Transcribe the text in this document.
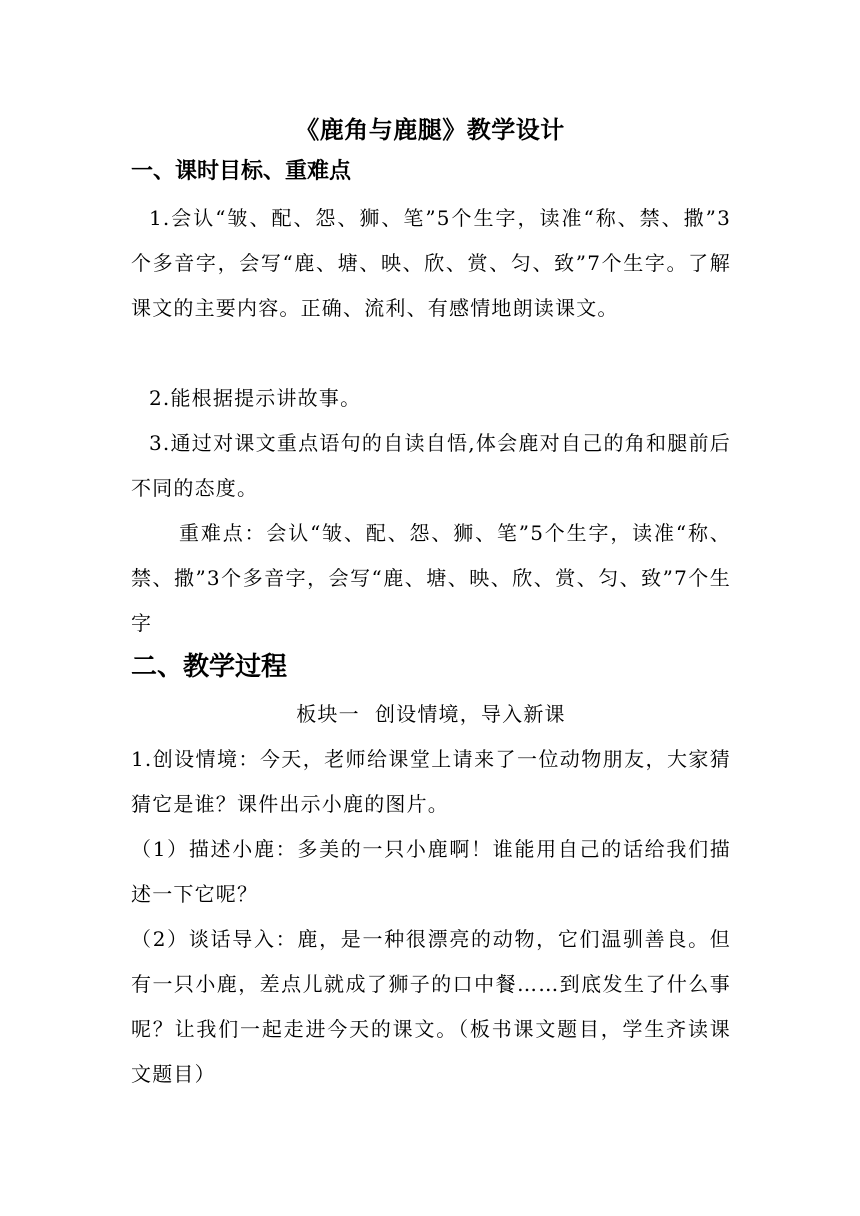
《鹿角与鹿腿》教学设计
一、课时目标、重难点
1.会认“皱、配、怨、狮、笔”5个生字，读准“称、禁、撒”3个多音字，会写“鹿、塘、映、欣、赏、匀、致”7个生字。了解课文的主要内容。正确、流利、有感情地朗读课文。
2.能根据提示讲故事。
3.通过对课文重点语句的自读自悟,体会鹿对自己的角和腿前后不同的态度。
重难点：会认“皱、配、怨、狮、笔”5个生字，读准“称、禁、撒”3个多音字，会写“鹿、塘、映、欣、赏、匀、致”7个生字
二、教学过程
板块一  创设情境，导入新课
1.创设情境：今天，老师给课堂上请来了一位动物朋友，大家猜猜它是谁？课件出示小鹿的图片。
（1）描述小鹿：多美的一只小鹿啊！谁能用自己的话给我们描述一下它呢？
（2）谈话导入：鹿，是一种很漂亮的动物，它们温驯善良。但有一只小鹿，差点儿就成了狮子的口中餐……到底发生了什么事呢？让我们一起走进今天的课文。（板书课文题目，学生齐读课文题目）
